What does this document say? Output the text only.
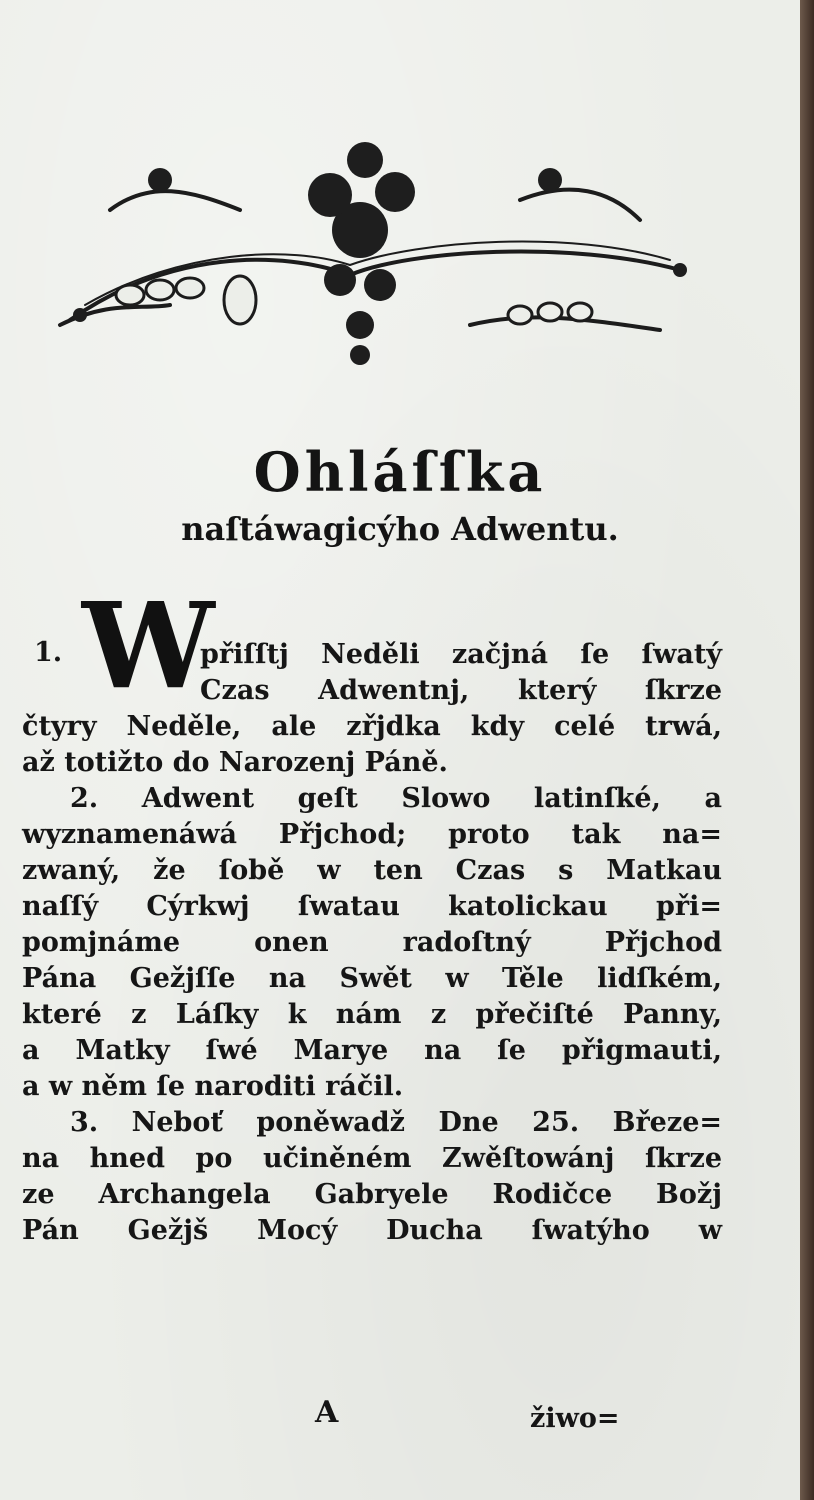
Ohláſſka
naſtáwagicýho Adwentu.
1. W
přiſſtj Neděli začjná ſe ſwatý
Czas Adwentnj, který ſkrze
čtyry Neděle, ale zřjdka kdy celé trwá,
až totižto do Narozenj Páně.
2. Adwent geſt Slowo latinſké, a
wyznamenáwá Přjchod; proto tak na=
zwaný, že ſobě w ten Czas s Matkau
naſſý Cýrkwj ſwatau katolickau při=
pomjnáme onen radoſtný Přjchod
Pána Gežjſſe na Swět w Těle lidſkém,
které z Láſky k nám z přečiſté Panny,
a Matky ſwé Marye na ſe přigmauti,
a w něm ſe naroditi ráčil.
3. Neboť poněwadž Dne 25. Březe=
na hned po učiněném Zwěſtowánj ſkrze
ze Archangela Gabryele Rodičce Božj
Pán Gežjš Mocý Ducha ſwatýho w
A	žiwo=
